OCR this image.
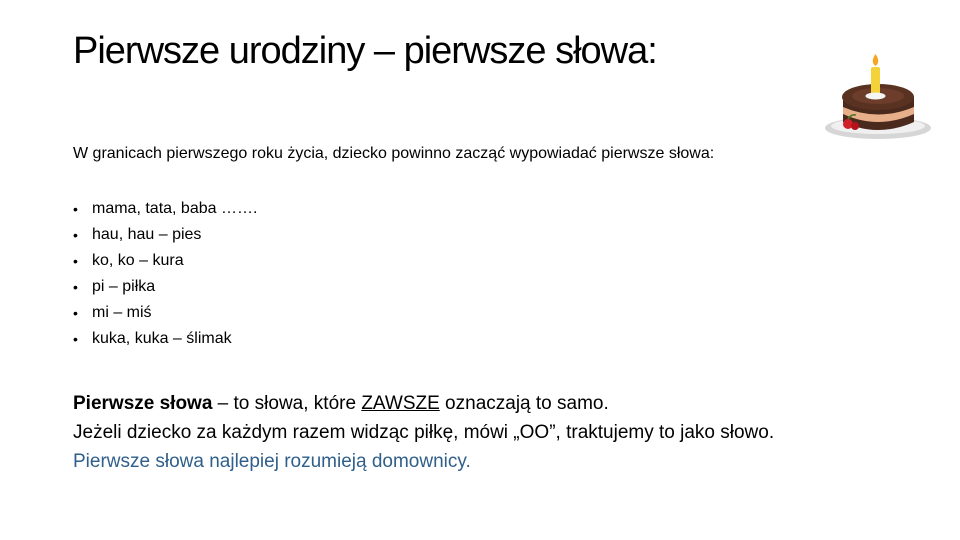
Pierwsze urodziny – pierwsze słowa:
W granicach pierwszego roku życia, dziecko powinno zacząć wypowiadać pierwsze słowa:
• mama, tata, baba …….
• hau, hau – pies
• ko, ko – kura
• pi – piłka
• mi – miś
• kuka, kuka – ślimak
Pierwsze słowa – to słowa, które ZAWSZE oznaczają to samo.
Jeżeli dziecko za każdym razem widząc piłkę, mówi „OO”, traktujemy to jako słowo.
Pierwsze słowa najlepiej rozumieją domownicy.
